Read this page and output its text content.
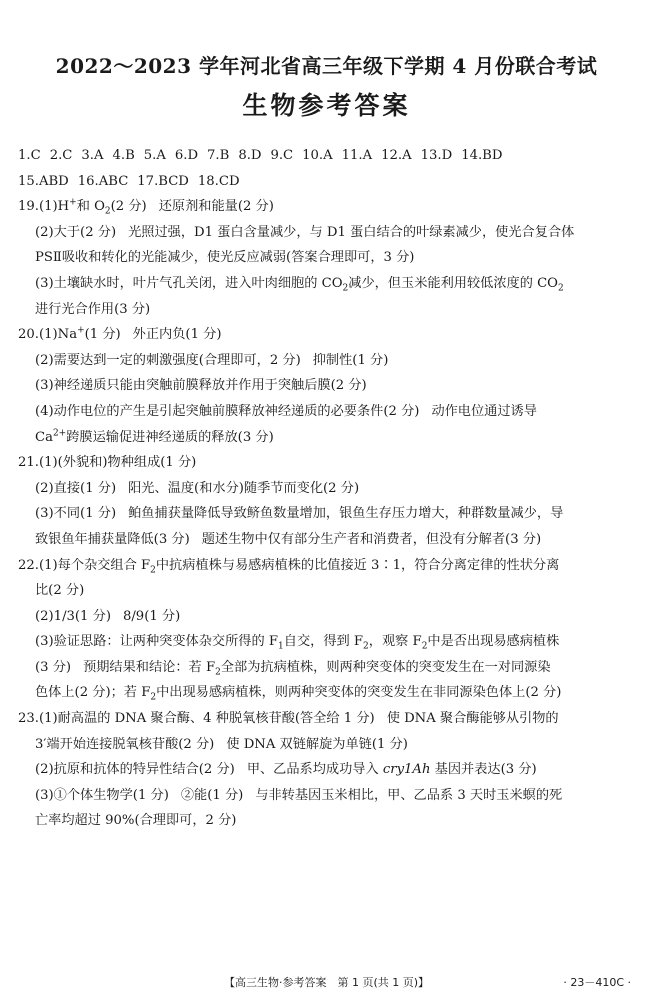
2022～2023 学年河北省高三年级下学期 4 月份联合考试
生物参考答案
1.C 2.C 3.A 4.B 5.A 6.D 7.B 8.D 9.C 10.A 11.A 12.A 13.D 14.BD
15.ABD 16.ABC 17.BCD 18.CD
19.(1)H+和 $O_2(2$ 分) 还原剂和能量(2 分)
(2)大于(2 分) 光照过强，D1 蛋白含量减少，与 D1 蛋白结合的叶绿素减少，使光合复合体
PSⅡ吸收和转化的光能减少，使光反应减弱(答案合理即可，3 分)
(3)土壤缺水时，叶片气孔关闭，进入叶肉细胞的 $CO_2$减少，但玉米能利用较低浓度的 $CO_2$
进行光合作用(3 分)
20.(1)Na+(1 分) 外正内负(1 分)
(2)需要达到一定的刺激强度(合理即可，2 分) 抑制性(1 分)
(3)神经递质只能由突触前膜释放并作用于突触后膜(2 分)
(4)动作电位的产生是引起突触前膜释放神经递质的必要条件(2 分) 动作电位通过诱导
$Ca^{2+}$跨膜运输促进神经递质的释放(3 分)
21.(1)(外貌和)物种组成(1 分)
(2)直接(1 分) 阳光、温度(和水分)随季节而变化(2 分)
(3)不同(1 分) 鲌鱼捕获量降低导致鲚鱼数量增加，银鱼生存压力增大，种群数量减少，导
致银鱼年捕获量降低(3 分) 题述生物中仅有部分生产者和消费者，但没有分解者(3 分)
22.(1)每个杂交组合 $F_2$中抗病植株与易感病植株的比值接近 3∶1，符合分离定律的性状分离
比(2 分)
(2)1/3(1 分) 8/9(1 分)
(3)验证思路：让两种突变体杂交所得的 $F_1$自交，得到 $F_2$，观察 $F_2$中是否出现易感病植株
(3 分) 预期结果和结论：若 $F_2$全部为抗病植株，则两种突变体的突变发生在一对同源染
色体上(2 分)；若 $F_2$中出现易感病植株，则两种突变体的突变发生在非同源染色体上(2 分)
23.(1)耐高温的 DNA 聚合酶、4 种脱氧核苷酸(答全给 1 分) 使 DNA 聚合酶能够从引物的
3′端开始连接脱氧核苷酸(2 分) 使 DNA 双链解旋为单链(1 分)
(2)抗原和抗体的特异性结合(2 分) 甲、乙品系均成功导入 cry1Ah 基因并表达(3 分)
(3)①个体生物学(1 分) ②能(1 分) 与非转基因玉米相比，甲、乙品系 3 天时玉米螟的死
亡率均超过 90%(合理即可，2 分)
【高三生物·参考答案　第 1 页(共 1 页)】	· 23－410C ·
